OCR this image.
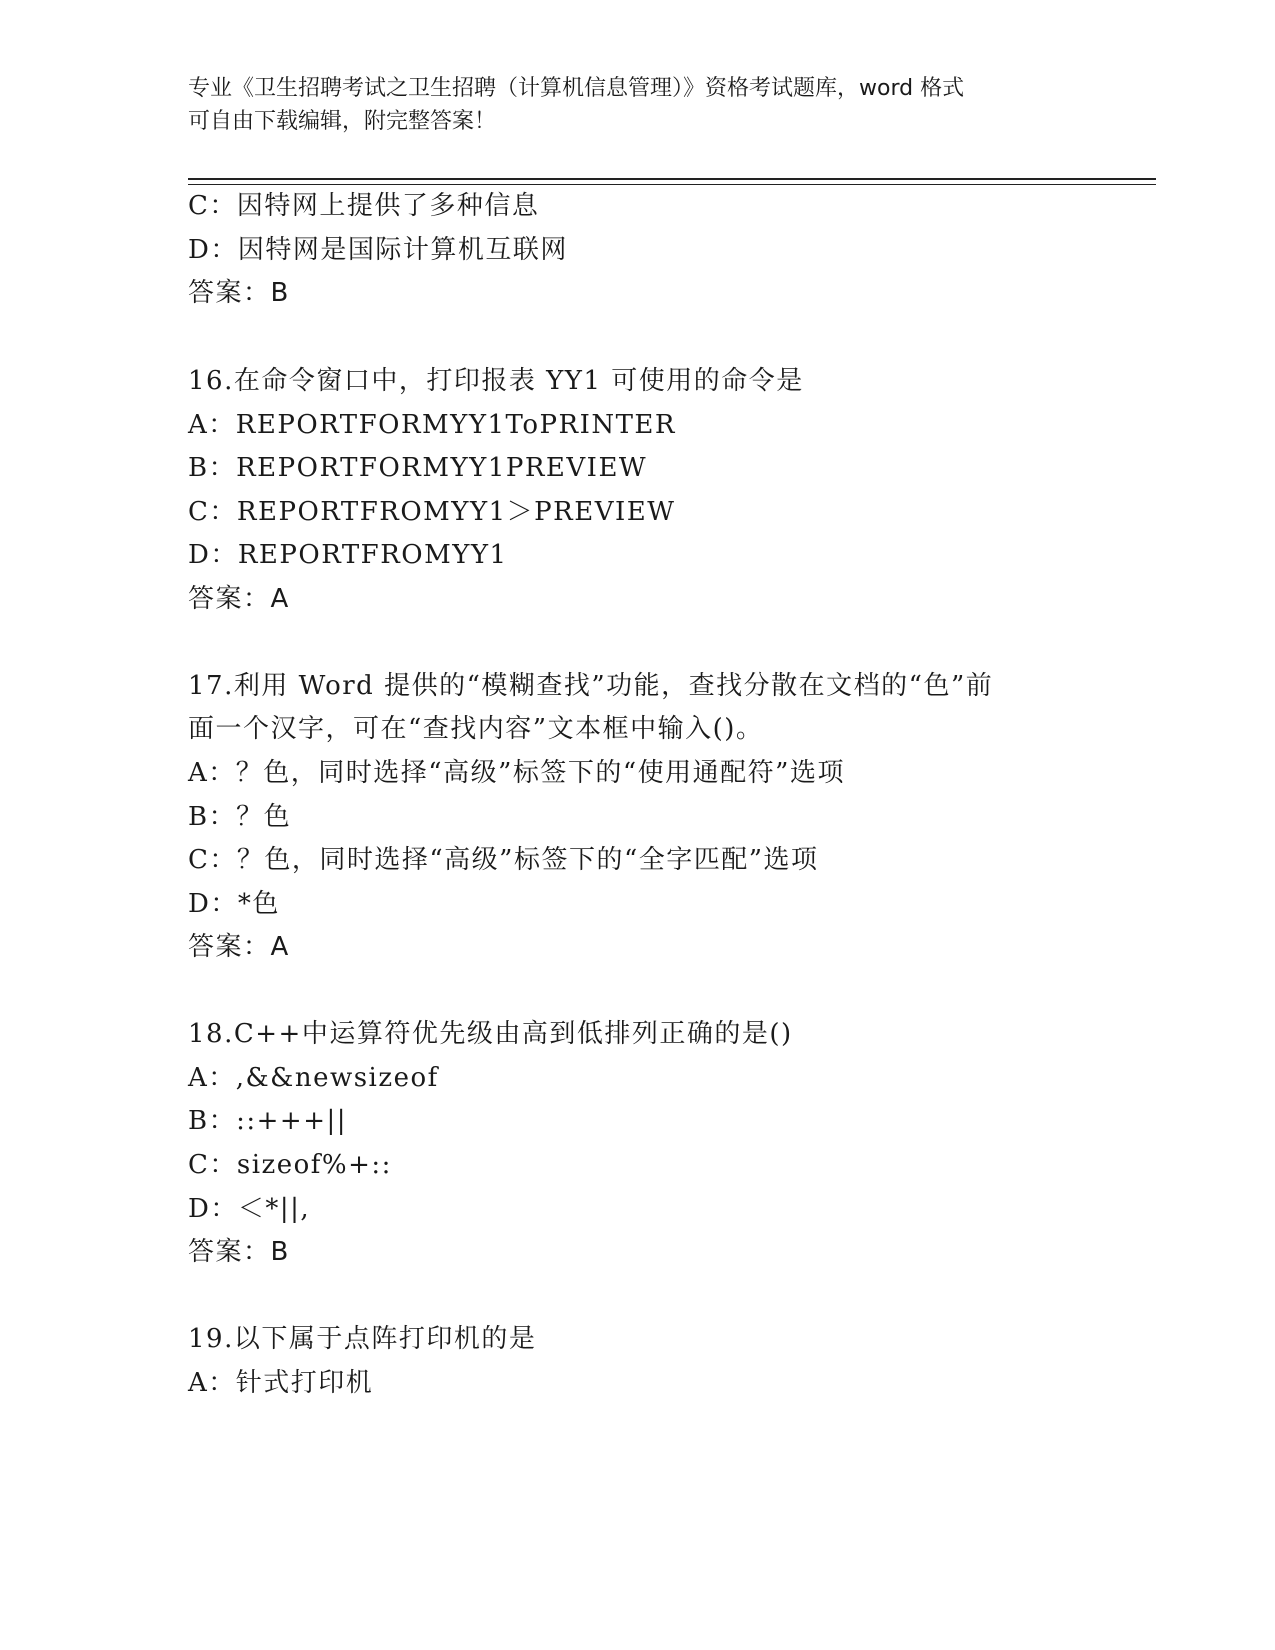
专业《卫生招聘考试之卫生招聘（计算机信息管理）》资格考试题库，word 格式
可自由下载编辑，附完整答案！
C：因特网上提供了多种信息
D：因特网是国际计算机互联网
答案：B
16.在命令窗口中，打印报表 YY1 可使用的命令是
A：REPORTFORMYY1ToPRINTER
B：REPORTFORMYY1PREVIEW
C：REPORTFROMYY1＞PREVIEW
D：REPORTFROMYY1
答案：A
17.利用 Word 提供的“模糊查找”功能，查找分散在文档的“色”前
面一个汉字，可在“查找内容”文本框中输入()。
A：？色，同时选择“高级”标签下的“使用通配符”选项
B：？色
C：？色，同时选择“高级”标签下的“全字匹配”选项
D：*色
答案：A
18.C++中运算符优先级由高到低排列正确的是()
A：,&&newsizeof
B：::+++||
C：sizeof%+::
D：＜*||,
答案：B
19.以下属于点阵打印机的是
A：针式打印机
